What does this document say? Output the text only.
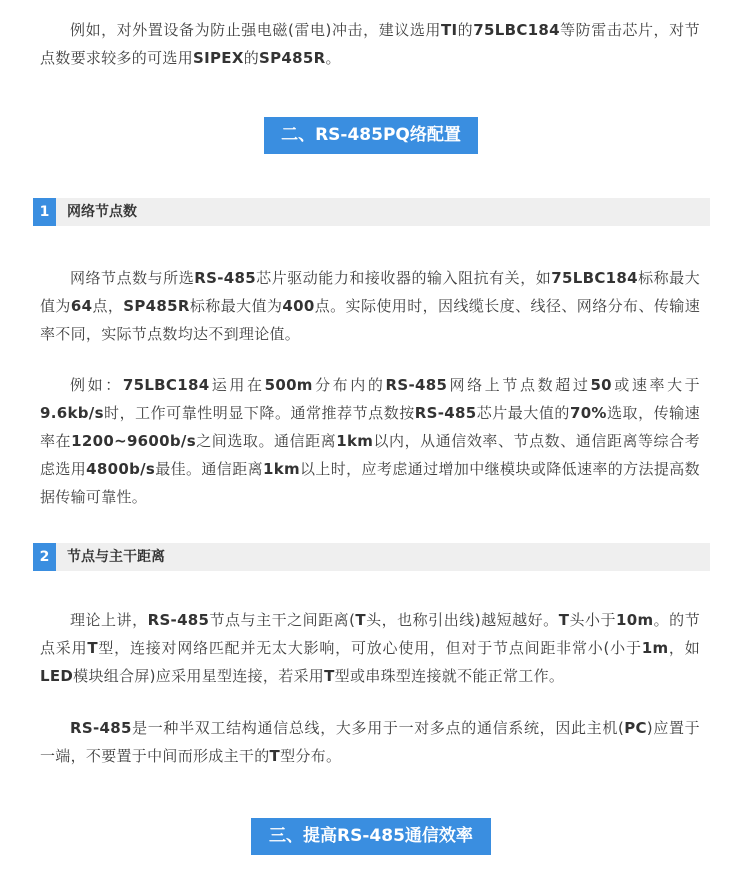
例如，对外置设备为防止强电磁(雷电)冲击，建议选用TI的75LBC184等防雷击芯片，对节点数要求较多的可选用SIPEX的SP485R。

二、RS-485PQ络配置
1	网络节点数

网络节点数与所选RS-485芯片驱动能力和接收器的输入阻抗有关，如75LBC184标称最大值为64点，SP485R标称最大值为400点。实际使用时，因线缆长度、线径、网络分布、传输速率不同，实际节点数均达不到理论值。

例如：75LBC184运用在500m分布内的RS-485网络上节点数超过50或速率大于9.6kb/s时，工作可靠性明显下降。通常推荐节点数按RS-485芯片最大值的70%选取，传输速率在1200~9600b/s之间选取。通信距离1km以内，从通信效率、节点数、通信距离等综合考虑选用4800b/s最佳。通信距离1km以上时，应考虑通过增加中继模块或降低速率的方法提高数据传输可靠性。

2	节点与主干距离

理论上讲，RS-485节点与主干之间距离(T头，也称引出线)越短越好。T头小于10m。的节点采用T型，连接对网络匹配并无太大影响，可放心使用，但对于节点间距非常小(小于1m，如LED模块组合屏)应采用星型连接，若采用T型或串珠型连接就不能正常工作。

RS-485是一种半双工结构通信总线，大多用于一对多点的通信系统，因此主机(PC)应置于一端，不要置于中间而形成主干的T型分布。

三、提高RS-485通信效率
